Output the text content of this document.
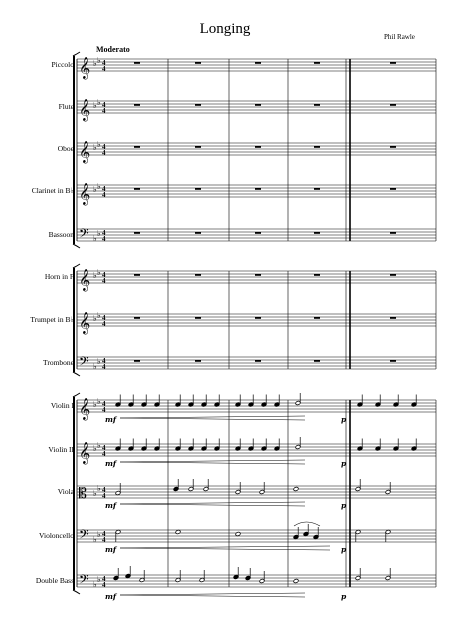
Longing	Phil Rawle
Moderato
Piccolo
Flute
Oboe
Clarinet in B♭
Bassoon
Horn in F
Trumpet in B♭
Trombone
Violin I
Violin II
Viola
Violoncello
Double Bass
𝄞 ♭ ♭ 4
4
𝄞 ♭ ♭ 4
4
𝄞 ♭ ♭ 4
4
𝄞 ♭ ♭ 4
4
𝄢 ♭
♭ 4
4
𝄞 ♭ ♭ 4
4
𝄞 ♭ ♭ 4
4
𝄢 ♭
♭ 4
4
𝄞 ♭ ♭ 4
4
𝄞 ♭ ♭ 4
4
𝄡 ♭
♭ 4
4
𝄢 ♭
♭ 4
4
𝄢 ♭
♭ 4
4
mf	p
mf	p
mf	p
mf	p
mf	p
